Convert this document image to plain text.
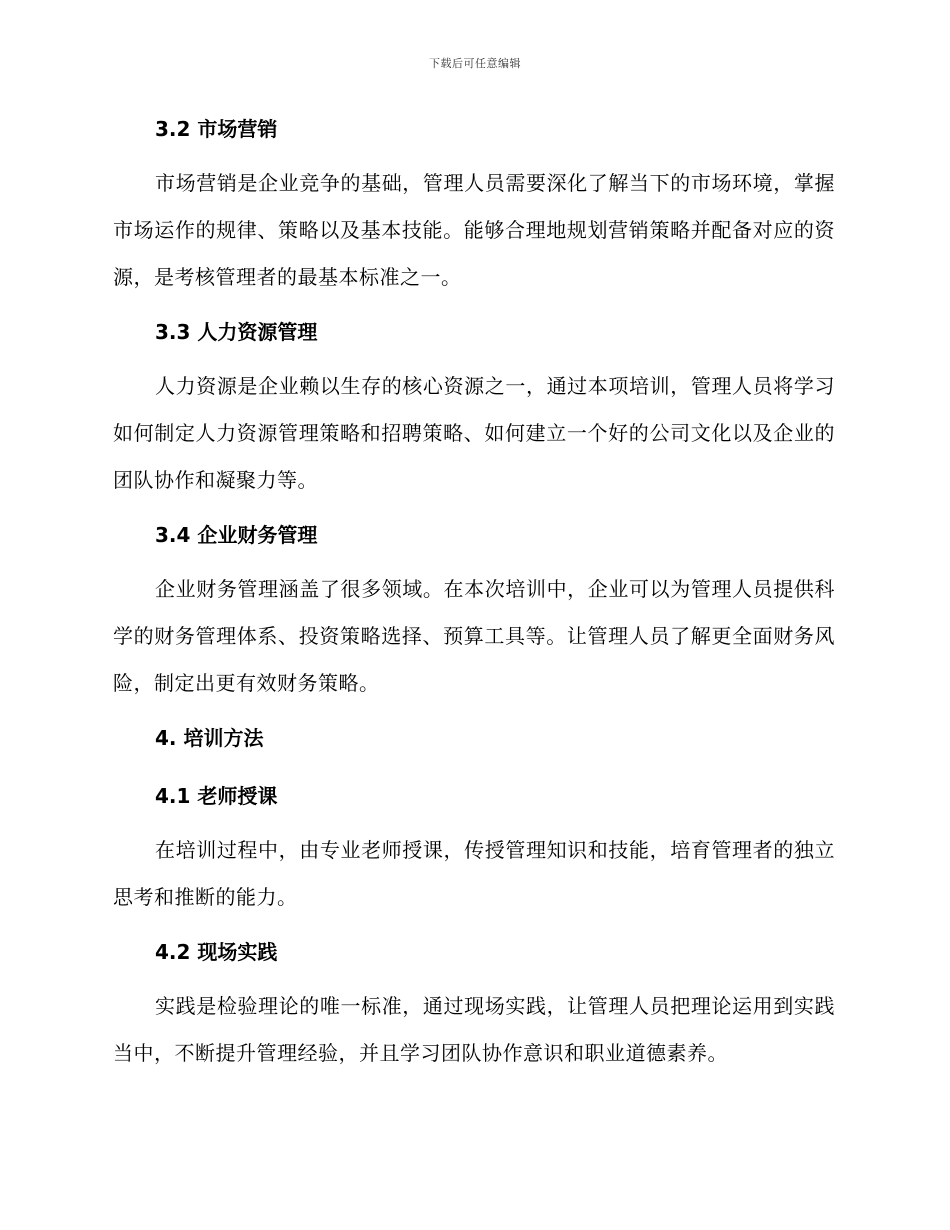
下载后可任意编辑
3.2 市场营销

市场营销是企业竞争的基础，管理人员需要深化了解当下的市场环境，掌握市场运作的规律、策略以及基本技能。能够合理地规划营销策略并配备对应的资源，是考核管理者的最基本标准之一。

3.3 人力资源管理

人力资源是企业赖以生存的核心资源之一，通过本项培训，管理人员将学习如何制定人力资源管理策略和招聘策略、如何建立一个好的公司文化以及企业的团队协作和凝聚力等。

3.4 企业财务管理

企业财务管理涵盖了很多领域。在本次培训中，企业可以为管理人员提供科学的财务管理体系、投资策略选择、预算工具等。让管理人员了解更全面财务风险，制定出更有效财务策略。

4. 培训方法
4.1 老师授课

在培训过程中，由专业老师授课，传授管理知识和技能，培育管理者的独立思考和推断的能力。

4.2 现场实践

实践是检验理论的唯一标准，通过现场实践，让管理人员把理论运用到实践当中，不断提升管理经验，并且学习团队协作意识和职业道德素养。
